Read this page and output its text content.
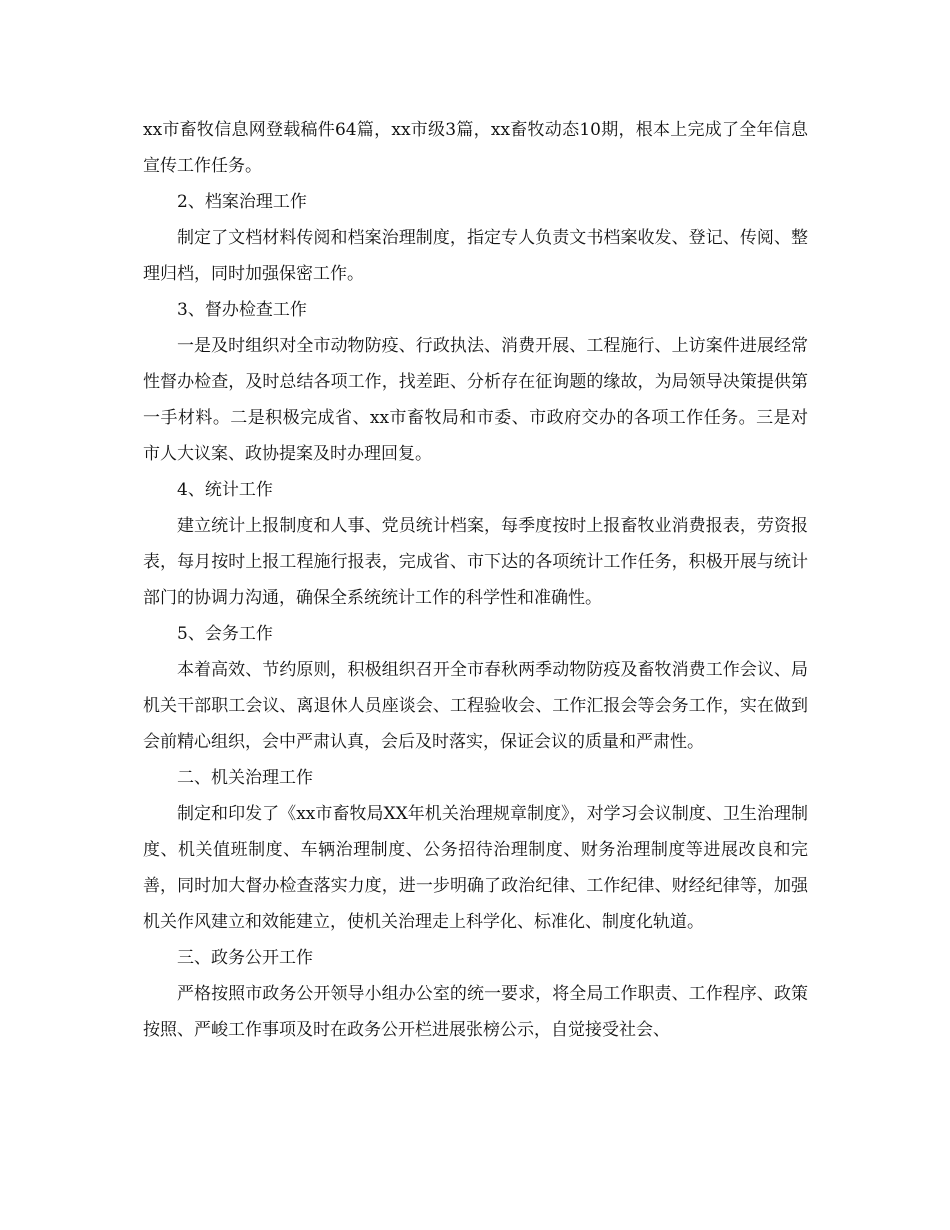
xx市畜牧信息网登载稿件64篇，xx市级3篇，xx畜牧动态10期，根本上完成了全年信息宣传工作任务。

2、档案治理工作

制定了文档材料传阅和档案治理制度，指定专人负责文书档案收发、登记、传阅、整理归档，同时加强保密工作。

3、督办检查工作

一是及时组织对全市动物防疫、行政执法、消费开展、工程施行、上访案件进展经常性督办检查，及时总结各项工作，找差距、分析存在征询题的缘故，为局领导决策提供第一手材料。二是积极完成省、xx市畜牧局和市委、市政府交办的各项工作任务。三是对市人大议案、政协提案及时办理回复。

4、统计工作

建立统计上报制度和人事、党员统计档案，每季度按时上报畜牧业消费报表，劳资报表，每月按时上报工程施行报表，完成省、市下达的各项统计工作任务，积极开展与统计部门的协调力沟通，确保全系统统计工作的科学性和准确性。

5、会务工作

本着高效、节约原则，积极组织召开全市春秋两季动物防疫及畜牧消费工作会议、局机关干部职工会议、离退休人员座谈会、工程验收会、工作汇报会等会务工作，实在做到会前精心组织，会中严肃认真，会后及时落实，保证会议的质量和严肃性。

二、机关治理工作

制定和印发了《xx市畜牧局XX年机关治理规章制度》，对学习会议制度、卫生治理制度、机关值班制度、车辆治理制度、公务招待治理制度、财务治理制度等进展改良和完善，同时加大督办检查落实力度，进一步明确了政治纪律、工作纪律、财经纪律等，加强机关作风建立和效能建立，使机关治理走上科学化、标准化、制度化轨道。

三、政务公开工作

严格按照市政务公开领导小组办公室的统一要求，将全局工作职责、工作程序、政策按照、严峻工作事项及时在政务公开栏进展张榜公示，自觉接受社会、
